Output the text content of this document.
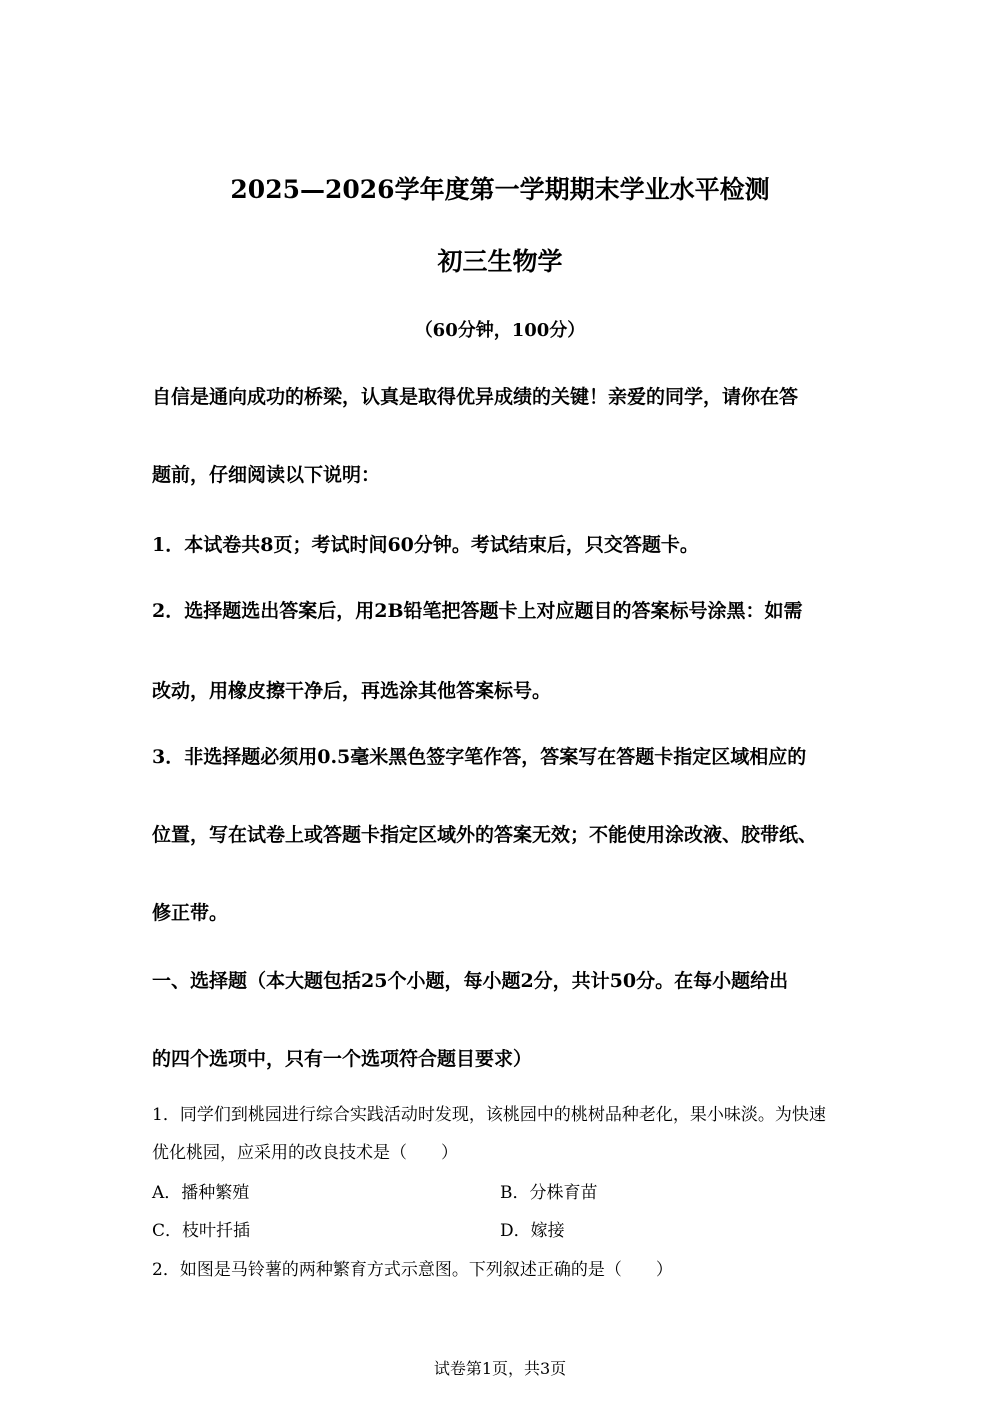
2025—2026学年度第一学期期末学业水平检测
初三生物学
（60分钟，100分）
自信是通向成功的桥梁，认真是取得优异成绩的关键！亲爱的同学，请你在答
题前，仔细阅读以下说明：
1．本试卷共8页；考试时间60分钟。考试结束后，只交答题卡。
2．选择题选出答案后，用2B铅笔把答题卡上对应题目的答案标号涂黑：如需
改动，用橡皮擦干净后，再选涂其他答案标号。
3．非选择题必须用0.5毫米黑色签字笔作答，答案写在答题卡指定区域相应的
位置，写在试卷上或答题卡指定区域外的答案无效；不能使用涂改液、胶带纸、
修正带。
一、选择题（本大题包括25个小题，每小题2分，共计50分。在每小题给出
的四个选项中，只有一个选项符合题目要求）
1．同学们到桃园进行综合实践活动时发现，该桃园中的桃树品种老化，果小味淡。为快速
优化桃园，应采用的改良技术是（　　）
A．播种繁殖	B．分株育苗
C．枝叶扦插	D．嫁接
2．如图是马铃薯的两种繁育方式示意图。下列叙述正确的是（　　）
试卷第1页，共3页
